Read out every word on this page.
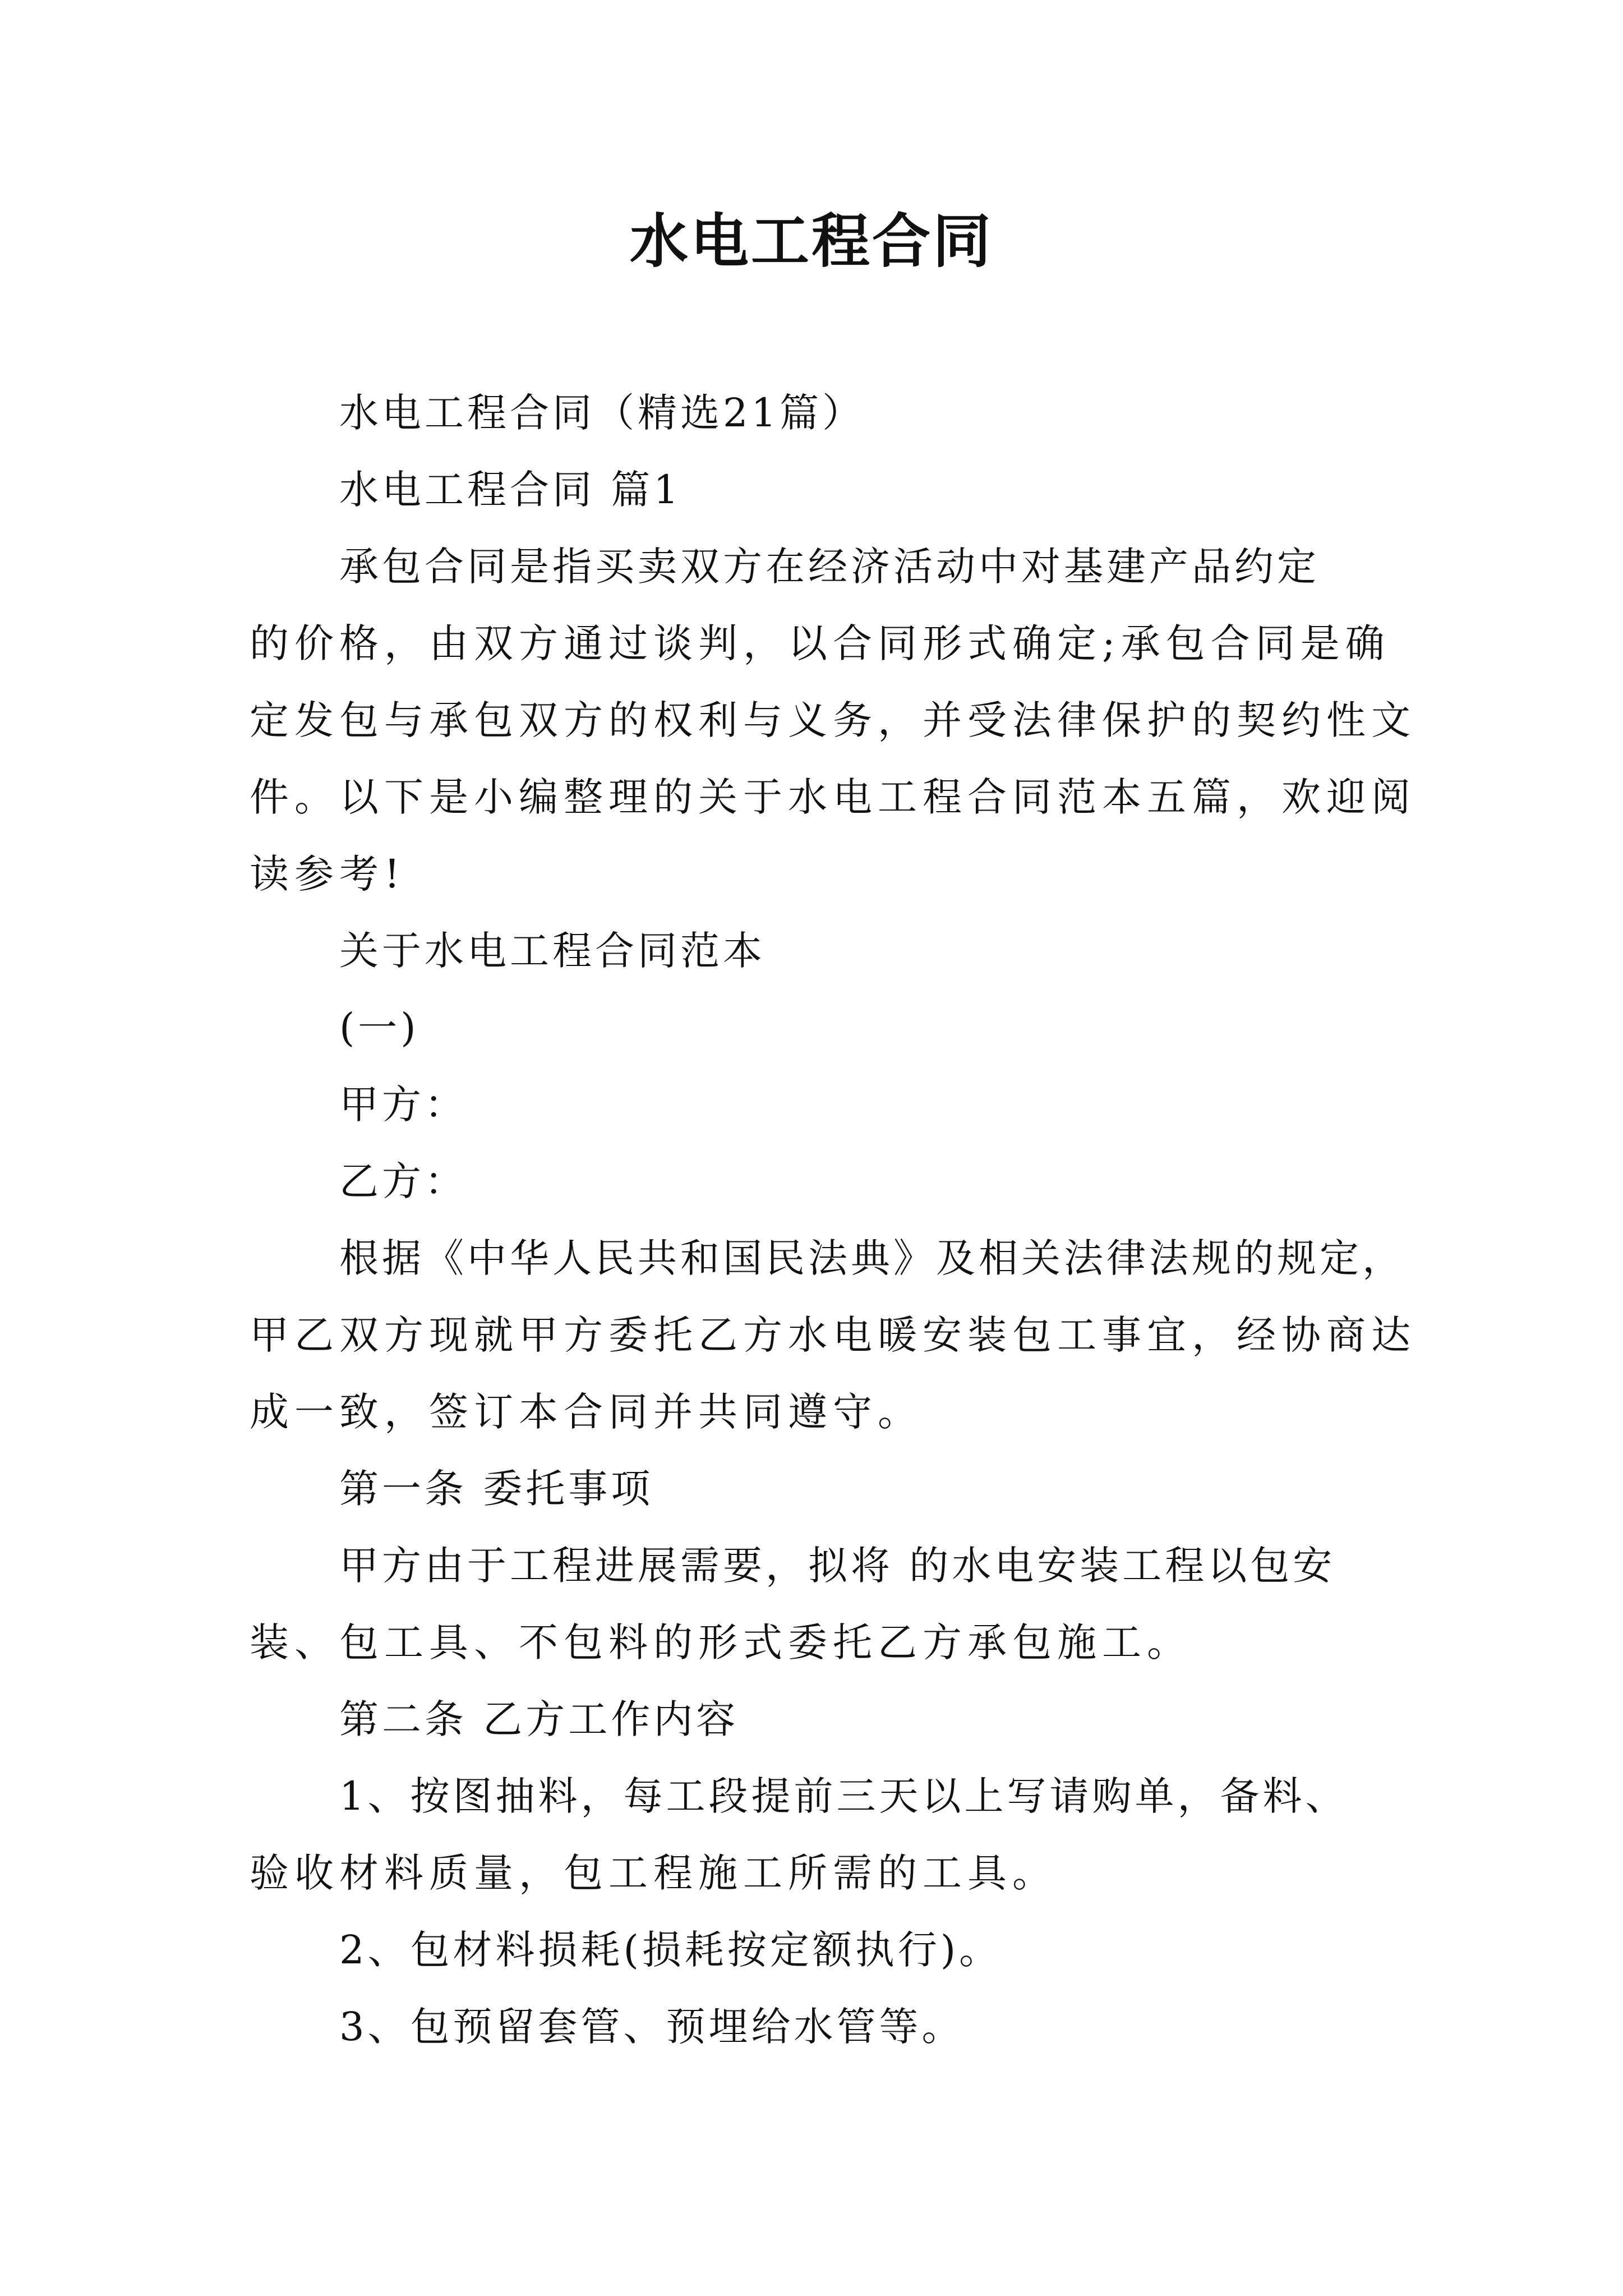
水电工程合同

水电工程合同（精选21篇）

水电工程合同 篇1

承包合同是指买卖双方在经济活动中对基建产品约定

的价格，由双方通过谈判，以合同形式确定;承包合同是确

定发包与承包双方的权利与义务，并受法律保护的契约性文

件。以下是小编整理的关于水电工程合同范本五篇，欢迎阅

读参考!

关于水电工程合同范本

(一)

甲方：

乙方：

根据《中华人民共和国民法典》及相关法律法规的规定，

甲乙双方现就甲方委托乙方水电暖安装包工事宜，经协商达

成一致，签订本合同并共同遵守。

第一条 委托事项

甲方由于工程进展需要，拟将 的水电安装工程以包安

装、包工具、不包料的形式委托乙方承包施工。

第二条 乙方工作内容

1、按图抽料，每工段提前三天以上写请购单，备料、

验收材料质量，包工程施工所需的工具。

2、包材料损耗(损耗按定额执行)。

3、包预留套管、预埋给水管等。
